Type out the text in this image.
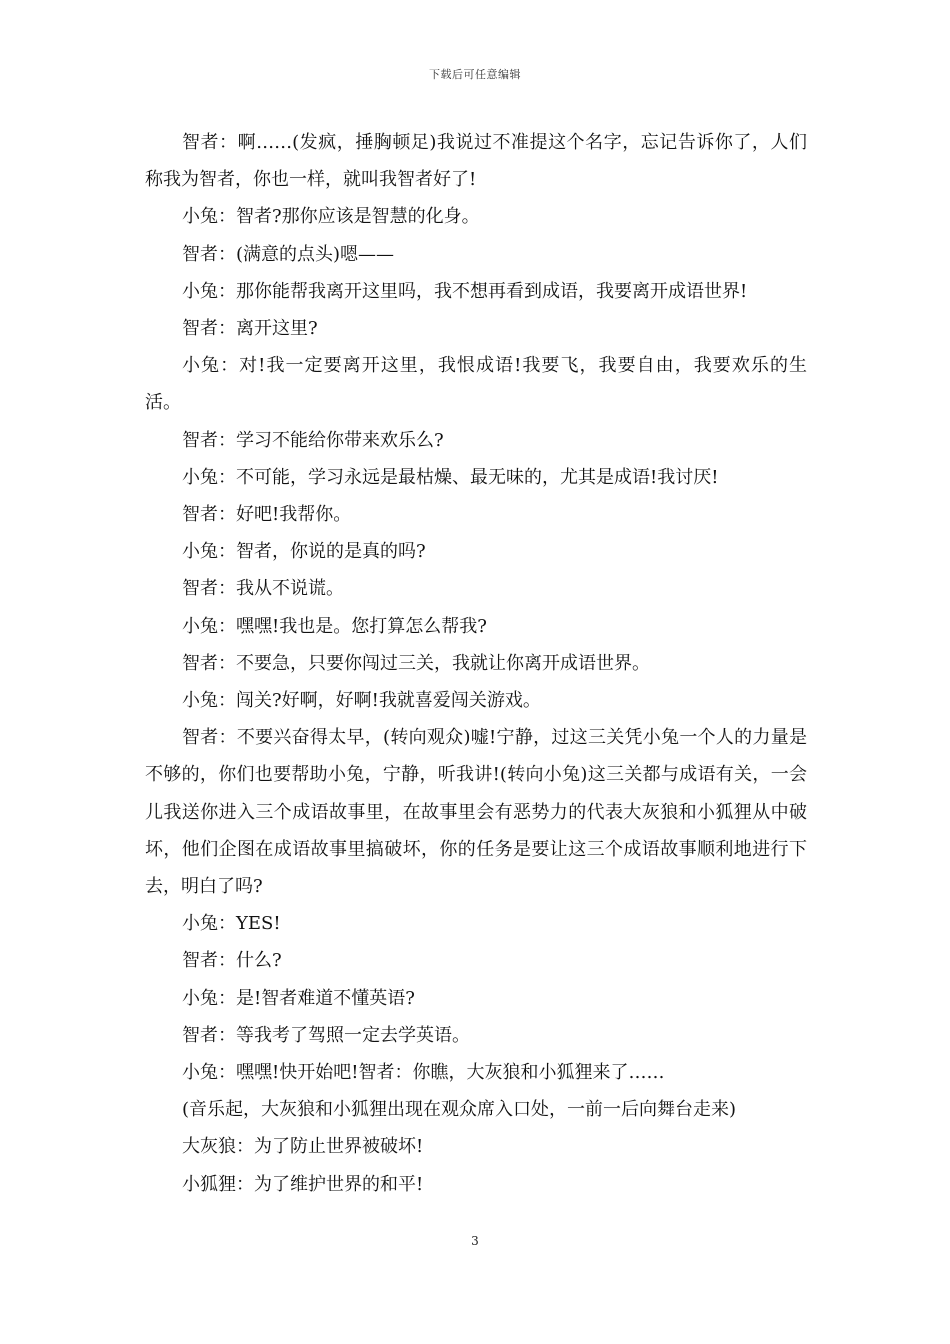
下载后可任意编辑

智者：啊……(发疯，捶胸顿足)我说过不准提这个名字，忘记告诉你了，人们称我为智者，你也一样，就叫我智者好了!

小兔：智者?那你应该是智慧的化身。

智者：(满意的点头)嗯——

小兔：那你能帮我离开这里吗，我不想再看到成语，我要离开成语世界!

智者：离开这里?

小兔：对!我一定要离开这里，我恨成语!我要飞，我要自由，我要欢乐的生活。

智者：学习不能给你带来欢乐么?

小兔：不可能，学习永远是最枯燥、最无味的，尤其是成语!我讨厌!

智者：好吧!我帮你。

小兔：智者，你说的是真的吗?

智者：我从不说谎。

小兔：嘿嘿!我也是。您打算怎么帮我?

智者：不要急，只要你闯过三关，我就让你离开成语世界。

小兔：闯关?好啊，好啊!我就喜爱闯关游戏。

智者：不要兴奋得太早，(转向观众)嘘!宁静，过这三关凭小兔一个人的力量是不够的，你们也要帮助小兔，宁静，听我讲!(转向小兔)这三关都与成语有关，一会儿我送你进入三个成语故事里，在故事里会有恶势力的代表大灰狼和小狐狸从中破坏，他们企图在成语故事里搞破坏，你的任务是要让这三个成语故事顺利地进行下去，明白了吗?

小兔：YES!

智者：什么?

小兔：是!智者难道不懂英语?

智者：等我考了驾照一定去学英语。

小兔：嘿嘿!快开始吧!智者：你瞧，大灰狼和小狐狸来了……

(音乐起，大灰狼和小狐狸出现在观众席入口处，一前一后向舞台走来)

大灰狼：为了防止世界被破坏!

小狐狸：为了维护世界的和平!

3
